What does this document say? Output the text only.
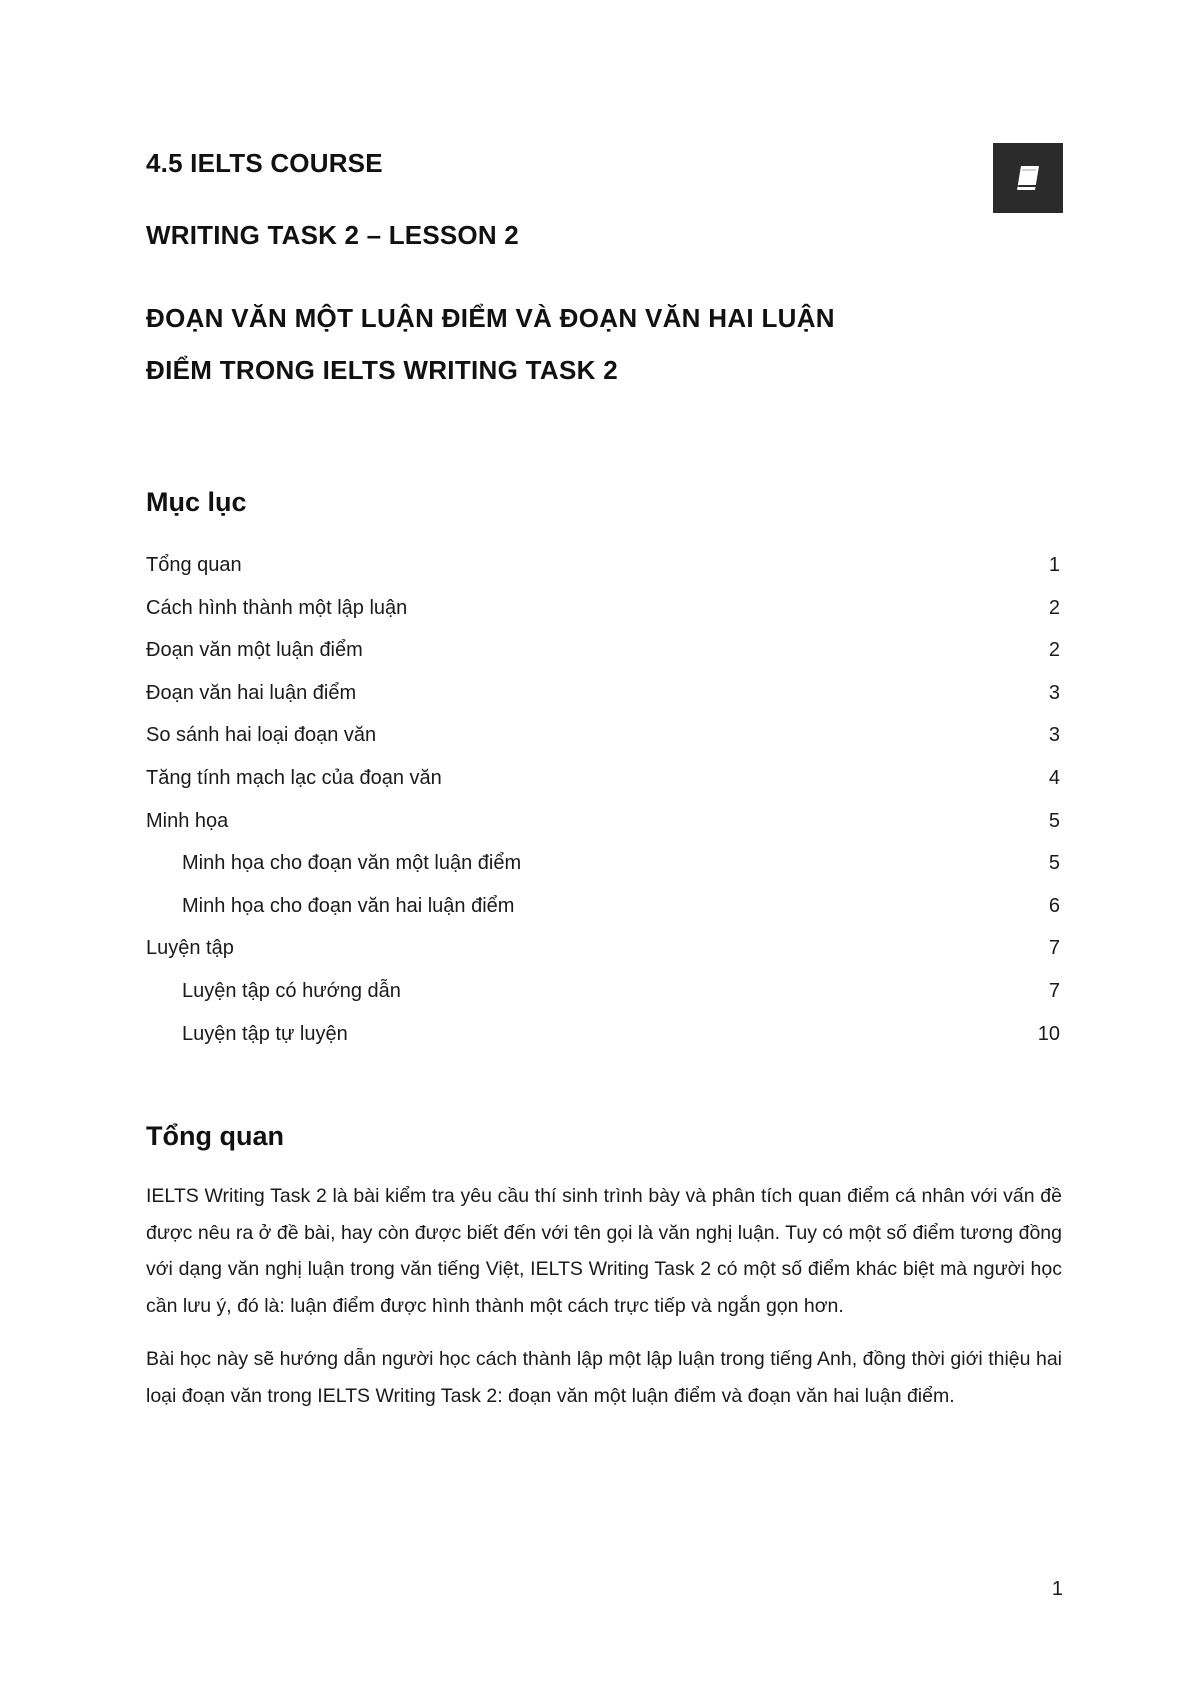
4.5 IELTS COURSE
WRITING TASK 2 – LESSON 2
ĐOẠN VĂN MỘT LUẬN ĐIỂM VÀ ĐOẠN VĂN HAI LUẬN
ĐIỂM TRONG IELTS WRITING TASK 2
Mục lục
Tổng quan	1
Cách hình thành một lập luận	2
Đoạn văn một luận điểm	2
Đoạn văn hai luận điểm	3
So sánh hai loại đoạn văn	3
Tăng tính mạch lạc của đoạn văn	4
Minh họa	5
Minh họa cho đoạn văn một luận điểm	5
Minh họa cho đoạn văn hai luận điểm	6
Luyện tập	7
Luyện tập có hướng dẫn	7
Luyện tập tự luyện	10
Tổng quan

IELTS Writing Task 2 là bài kiểm tra yêu cầu thí sinh trình bày và phân tích quan điểm cá nhân với vấn đề được nêu ra ở đề bài, hay còn được biết đến với tên gọi là văn nghị luận. Tuy có một số điểm tương đồng với dạng văn nghị luận trong văn tiếng Việt, IELTS Writing Task 2 có một số điểm khác biệt mà người học cần lưu ý, đó là: luận điểm được hình thành một cách trực tiếp và ngắn gọn hơn.

Bài học này sẽ hướng dẫn người học cách thành lập một lập luận trong tiếng Anh, đồng thời giới thiệu hai loại đoạn văn trong IELTS Writing Task 2: đoạn văn một luận điểm và đoạn văn hai luận điểm.

1
